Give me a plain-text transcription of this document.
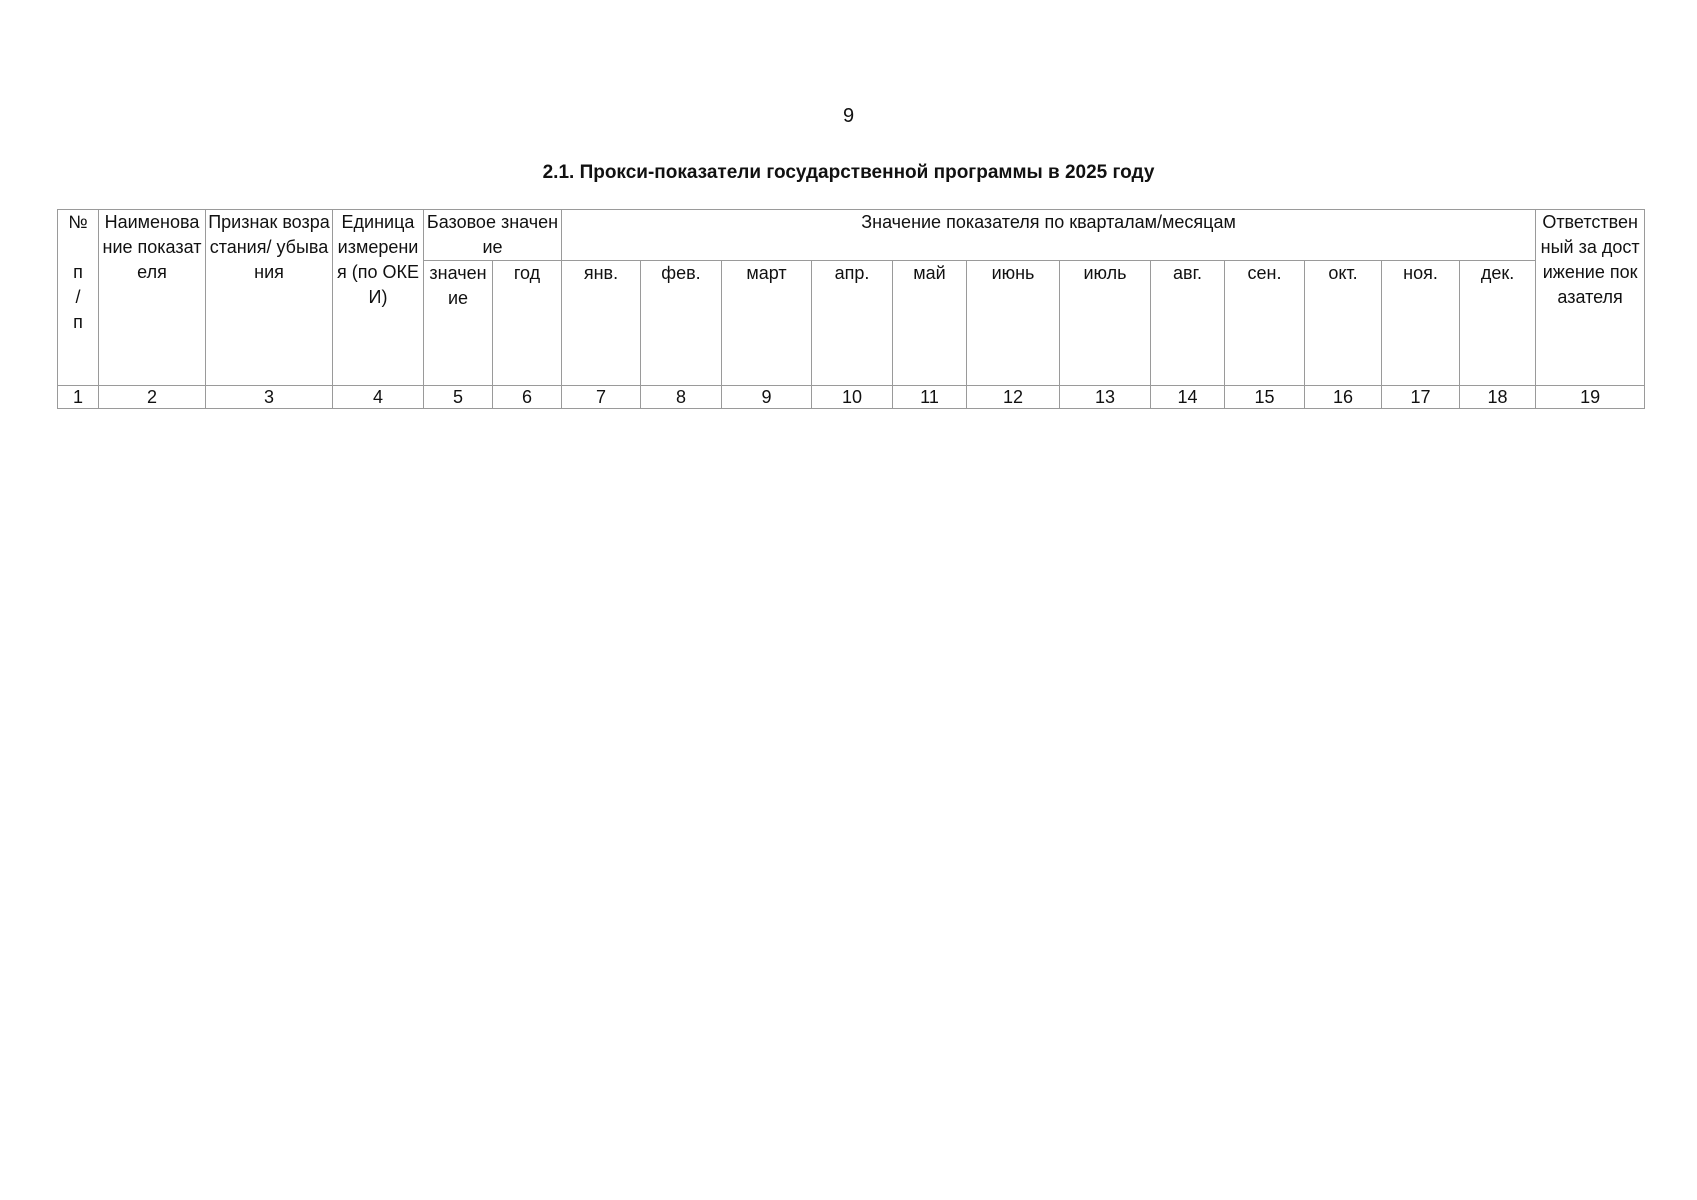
9
2.1. Прокси-показатели государственной программы в 2025 году
№

п
/
п	Наименование показателя	Признак возрастания/ убывания	Единица измерения (по ОКЕИ)	Базовое значение		Значение показателя по кварталам/месяцам												Ответственный за достижение показателя
				значение	год	янв.	фев.	март	апр.	май	июнь	июль	авг.	сен.	окт.	ноя.	дек.	
1	2	3	4	5	6	7	8	9	10	11	12	13	14	15	16	17	18	19
